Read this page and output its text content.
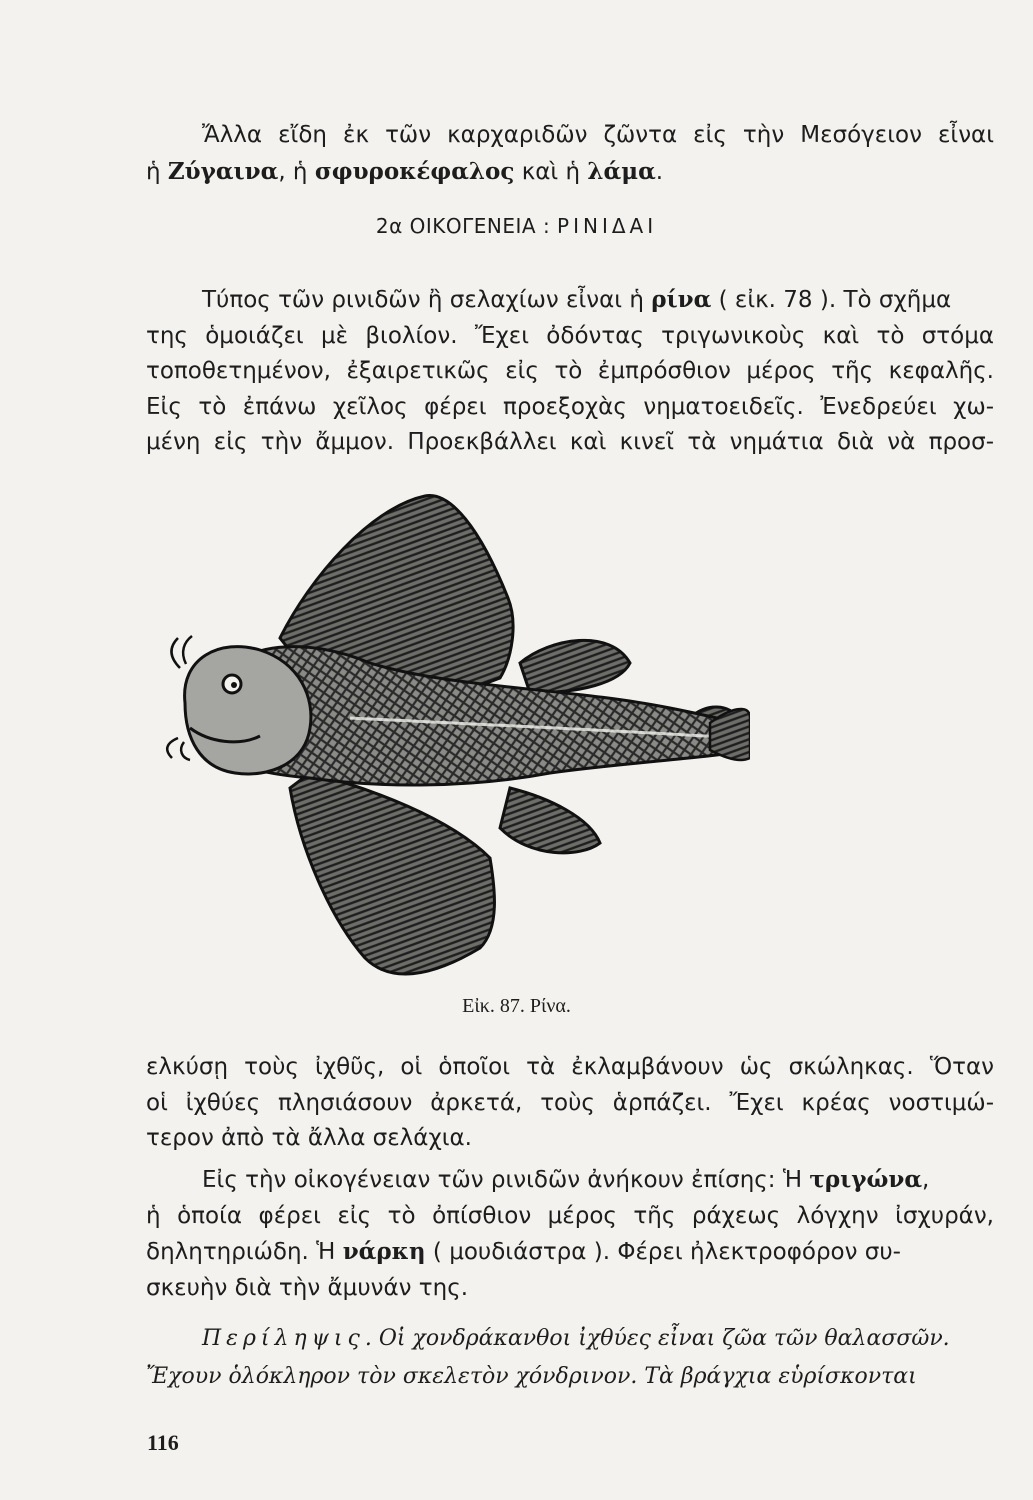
Ἄλλα εἴδη ἐκ τῶν καρχαριδῶν ζῶντα εἰς τὴν Μεσόγειον εἶναι
ἡ Ζύγαινα, ἡ σφυροκέφαλος καὶ ἡ λάμα.

2α ΟΙΚΟΓΕΝΕΙΑ : ΡΙΝΙΔΑΙ

Τύπος τῶν ρινιδῶν ἢ σελαχίων εἶναι ἡ ρίνα ( εἰκ. 78 ). Τὸ σχῆμα
της ὁμοιάζει μὲ βιολίον. Ἔχει ὀδόντας τριγωνικοὺς καὶ τὸ στόμα
τοποθετημένον, ἐξαιρετικῶς εἰς τὸ ἐμπρόσθιον μέρος τῆς κεφαλῆς.
Εἰς τὸ ἐπάνω χεῖλος φέρει προεξοχὰς νηματοειδεῖς. Ἐνεδρεύει χω-
μένη εἰς τὴν ἄμμον. Προεκβάλλει καὶ κινεῖ τὰ νημάτια διὰ νὰ προσ-

Εἰκ. 87. Ρίνα.

ελκύσῃ τοὺς ἰχθῦς, οἱ ὁποῖοι τὰ ἐκλαμβάνουν ὡς σκώληκας. Ὅταν
οἱ ἰχθύες πλησιάσουν ἀρκετά, τοὺς ἁρπάζει. Ἔχει κρέας νοστιμώ-
τερον ἀπὸ τὰ ἄλλα σελάχια.

Εἰς τὴν οἰκογένειαν τῶν ρινιδῶν ἀνήκουν ἐπίσης: Ἡ τριγώνα,
ἡ ὁποία φέρει εἰς τὸ ὀπίσθιον μέρος τῆς ράχεως λόγχην ἰσχυράν,
δηλητηριώδη. Ἡ νάρκη ( μουδιάστρα ). Φέρει ἠλεκτροφόρον συ-
σκευὴν διὰ τὴν ἄμυνάν της.

Περίληψις. Οἱ χονδράκανθοι ἰχθύες εἶναι ζῶα τῶν θαλασσῶν.
Ἔχουν ὁλόκληρον τὸν σκελετὸν χόνδρινον. Τὰ βράγχια εὑρίσκονται
116
